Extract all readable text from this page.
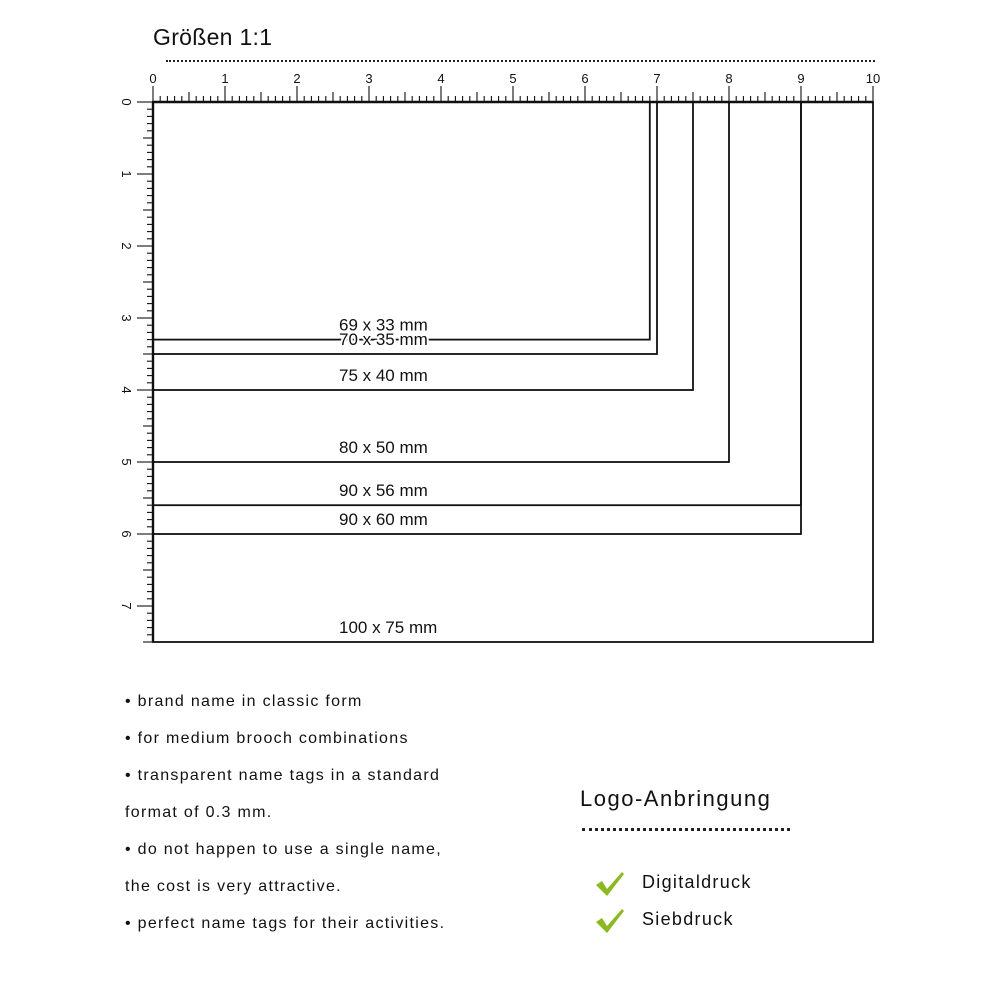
Größen 1:1
0	1	2	3	4	5	6	7	8	9	10
0
1
2
3
4
5
6
7
69 x 33 mm
70 x 35 mm
75 x 40 mm
80 x 50 mm
90 x 56 mm
90 x 60 mm
100 x 75 mm
• brand name in classic form
• for medium brooch combinations
• transparent name tags in a standard
format of 0.3 mm.
• do not happen to use a single name,
the cost is very attractive.
• perfect name tags for their activities.
Logo-Anbringung
Digitaldruck
Siebdruck
